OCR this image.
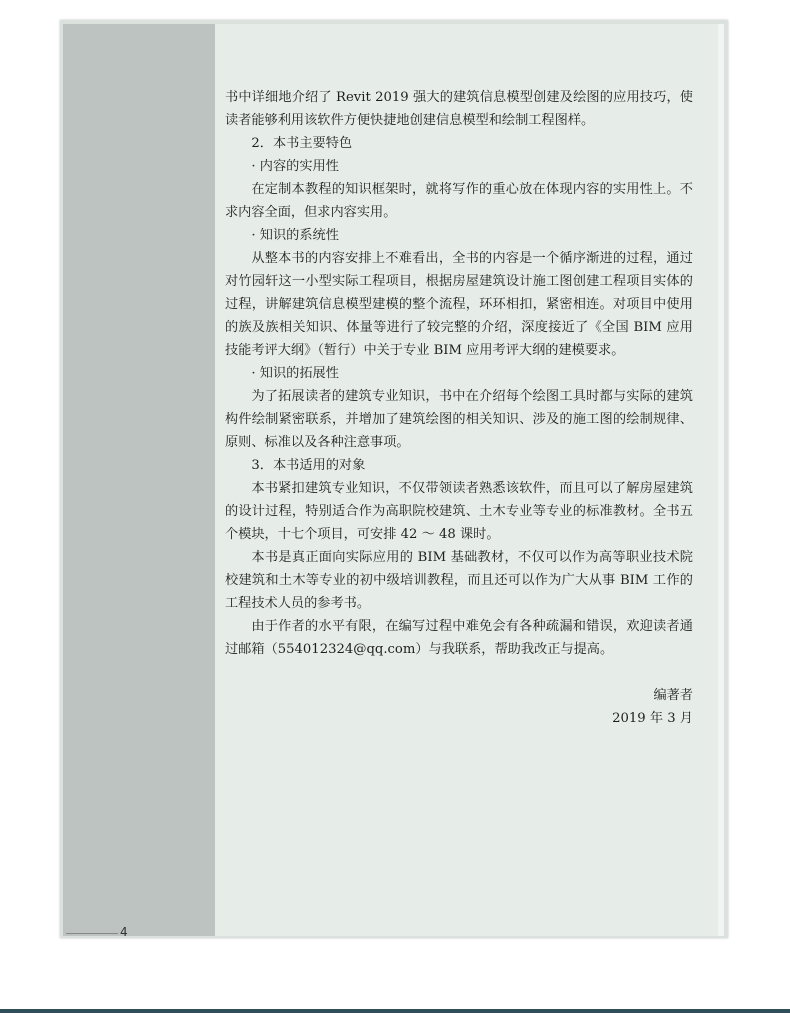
书中详细地介绍了 Revit 2019 强大的建筑信息模型创建及绘图的应用技巧，使读者能够利用该软件方便快捷地创建信息模型和绘制工程图样。

2．本书主要特色

· 内容的实用性

在定制本教程的知识框架时，就将写作的重心放在体现内容的实用性上。不求内容全面，但求内容实用。

· 知识的系统性

从整本书的内容安排上不难看出，全书的内容是一个循序渐进的过程，通过对竹园轩这一小型实际工程项目，根据房屋建筑设计施工图创建工程项目实体的过程，讲解建筑信息模型建模的整个流程，环环相扣，紧密相连。对项目中使用的族及族相关知识、体量等进行了较完整的介绍，深度接近了《全国 BIM 应用技能考评大纲》（暂行）中关于专业 BIM 应用考评大纲的建模要求。

· 知识的拓展性

为了拓展读者的建筑专业知识，书中在介绍每个绘图工具时都与实际的建筑构件绘制紧密联系，并增加了建筑绘图的相关知识、涉及的施工图的绘制规律、原则、标准以及各种注意事项。

3．本书适用的对象

本书紧扣建筑专业知识，不仅带领读者熟悉该软件，而且可以了解房屋建筑的设计过程，特别适合作为高职院校建筑、土木专业等专业的标准教材。全书五个模块，十七个项目，可安排 42 ～ 48 课时。

本书是真正面向实际应用的 BIM 基础教材，不仅可以作为高等职业技术院校建筑和土木等专业的初中级培训教程，而且还可以作为广大从事 BIM 工作的工程技术人员的参考书。

由于作者的水平有限，在编写过程中难免会有各种疏漏和错误，欢迎读者通过邮箱（554012324@qq.com）与我联系，帮助我改正与提高。

编著者

2019 年 3 月

4
